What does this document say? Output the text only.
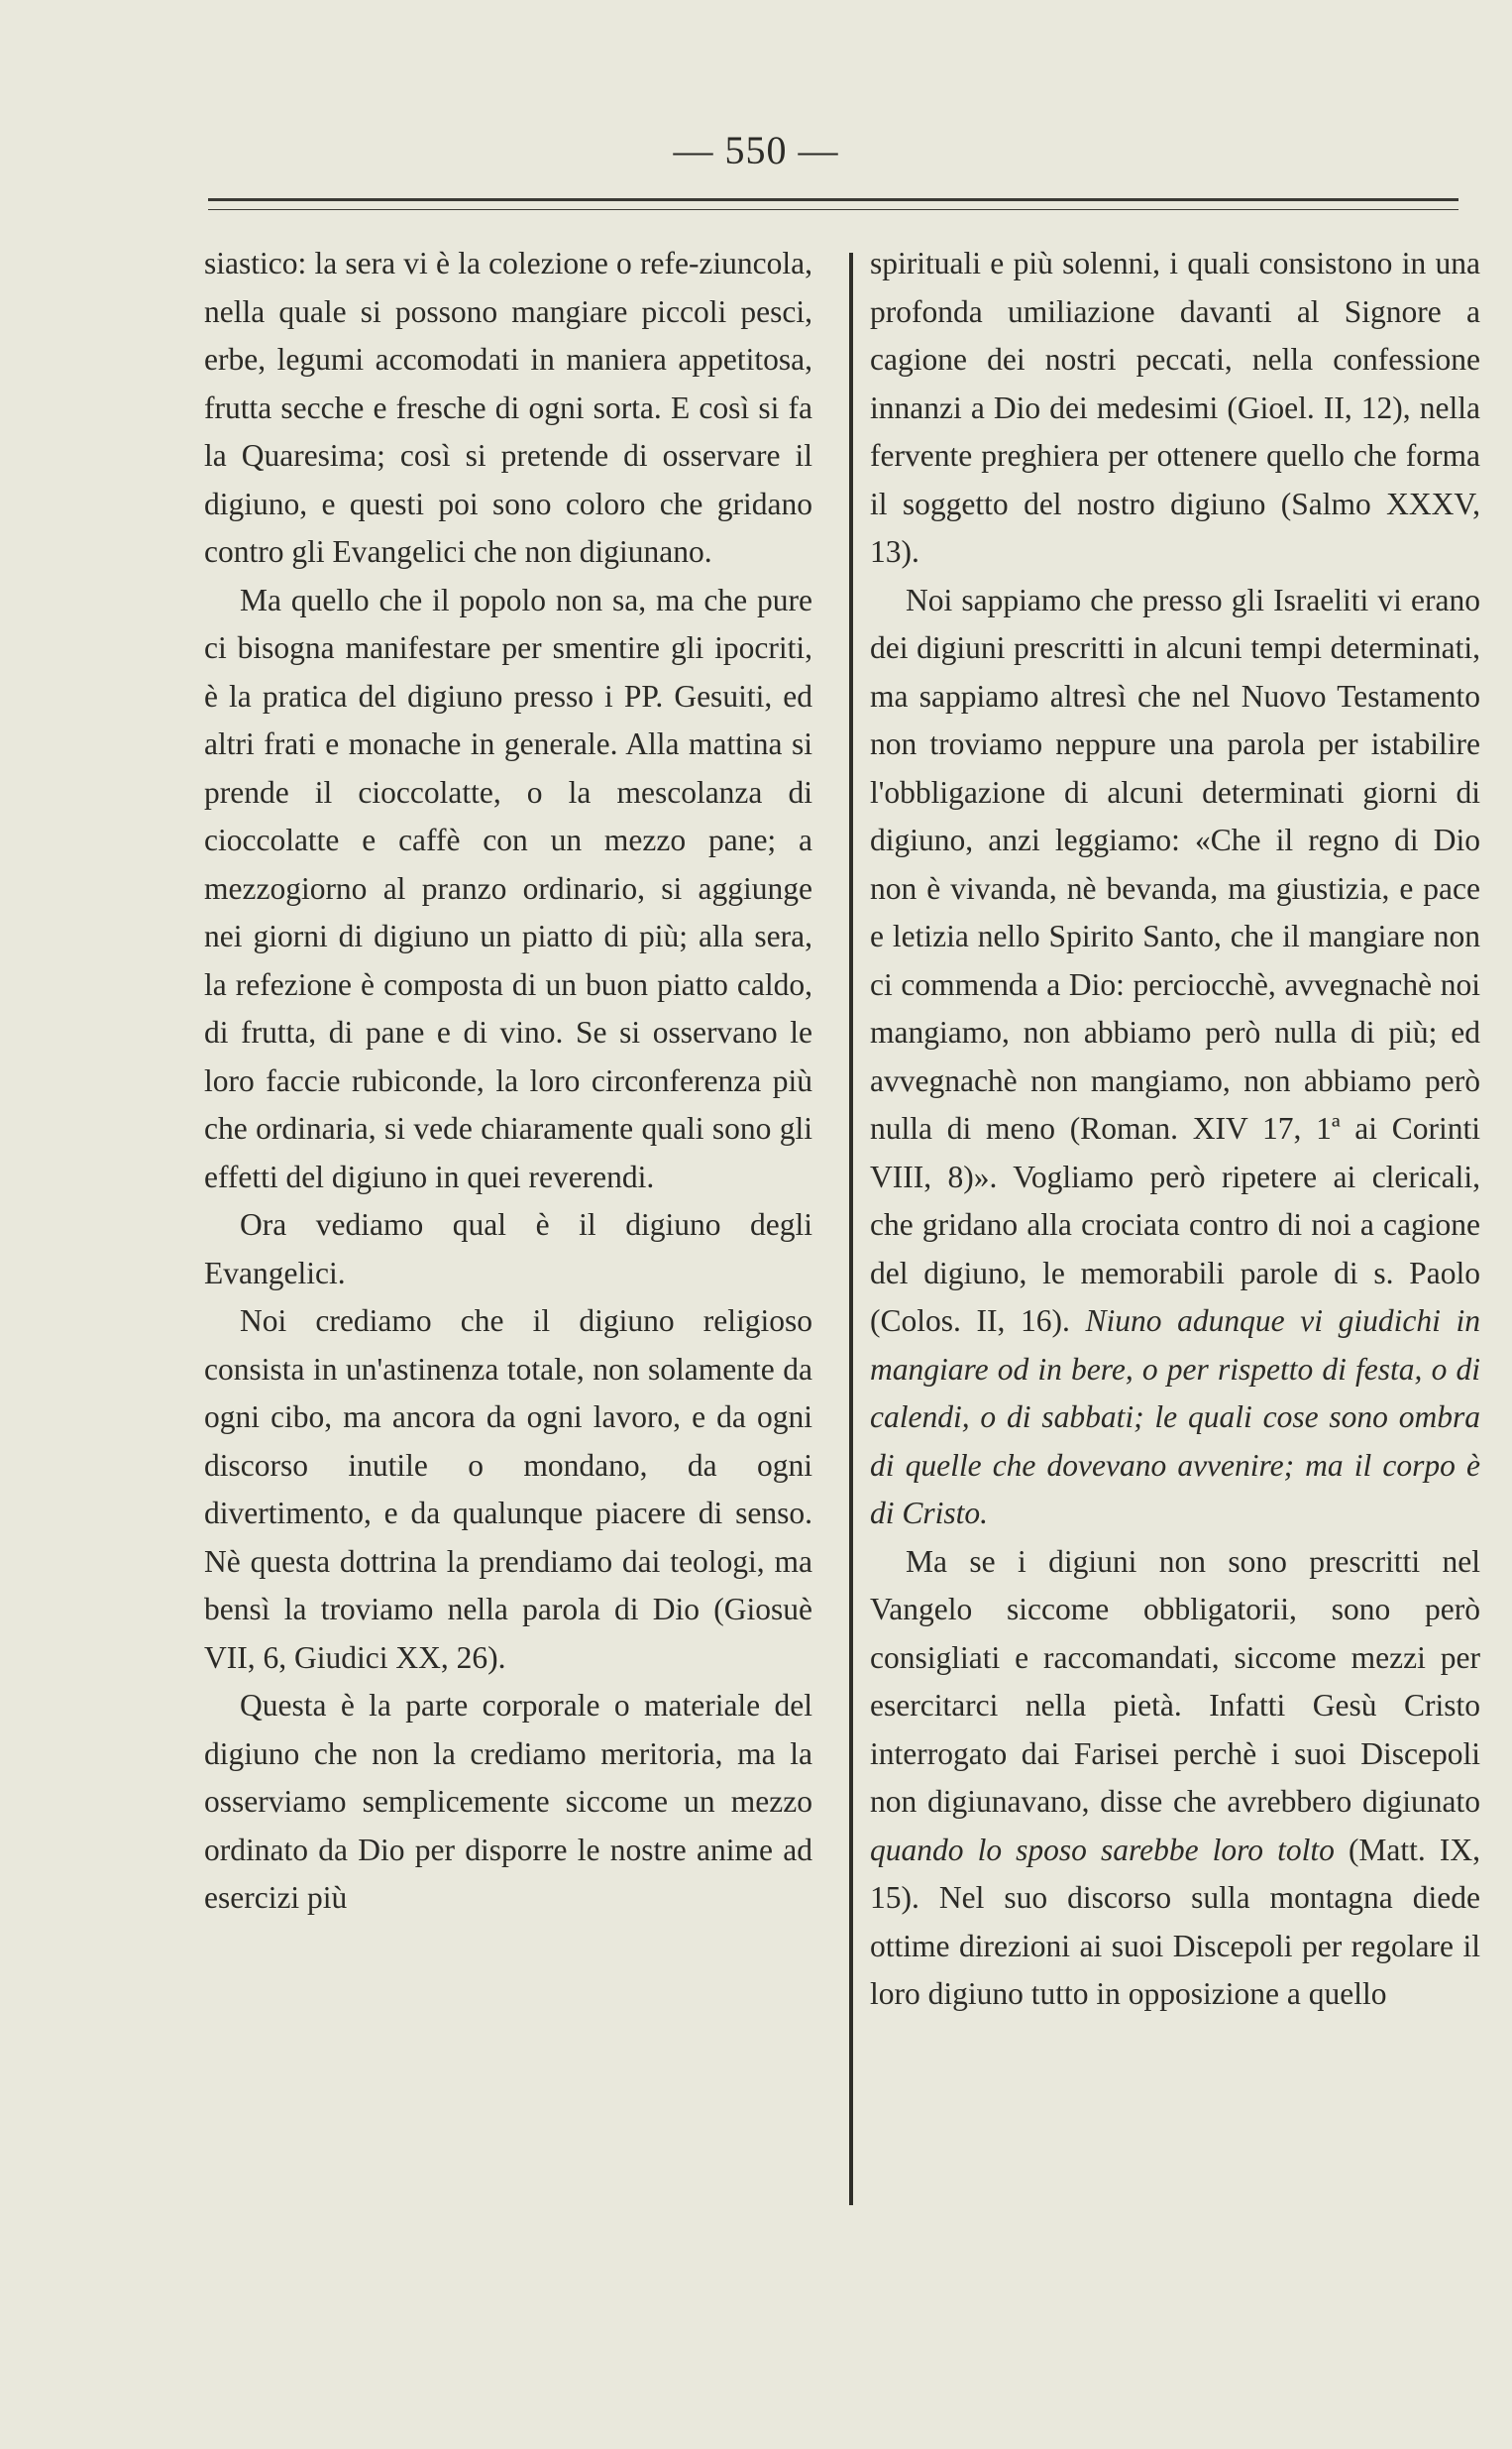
— 550 —

siastico: la sera vi è la colezione o refe-ziuncola, nella quale si possono mangiare piccoli pesci, erbe, legumi accomodati in maniera appetitosa, frutta secche e fresche di ogni sorta. E così si fa la Quaresima; così si pretende di osservare il digiuno, e questi poi sono coloro che gridano contro gli Evangelici che non digiunano.

Ma quello che il popolo non sa, ma che pure ci bisogna manifestare per smentire gli ipocriti, è la pratica del digiuno presso i PP. Gesuiti, ed altri frati e monache in generale. Alla mattina si prende il cioccolatte, o la mescolanza di cioccolatte e caffè con un mezzo pane; a mezzogiorno al pranzo ordinario, si aggiunge nei giorni di digiuno un piatto di più; alla sera, la refezione è composta di un buon piatto caldo, di frutta, di pane e di vino. Se si osservano le loro faccie rubiconde, la loro circonferenza più che ordinaria, si vede chiaramente quali sono gli effetti del digiuno in quei reverendi.

Ora vediamo qual è il digiuno degli Evangelici.

Noi crediamo che il digiuno religioso consista in un'astinenza totale, non solamente da ogni cibo, ma ancora da ogni lavoro, e da ogni discorso inutile o mondano, da ogni divertimento, e da qualunque piacere di senso. Nè questa dottrina la prendiamo dai teologi, ma bensì la troviamo nella parola di Dio (Giosuè VII, 6, Giudici XX, 26).

Questa è la parte corporale o materiale del digiuno che non la crediamo meritoria, ma la osserviamo semplicemente siccome un mezzo ordinato da Dio per disporre le nostre anime ad esercizi più

spirituali e più solenni, i quali consistono in una profonda umiliazione davanti al Signore a cagione dei nostri peccati, nella confessione innanzi a Dio dei medesimi (Gioel. II, 12), nella fervente preghiera per ottenere quello che forma il soggetto del nostro digiuno (Salmo XXXV, 13).

Noi sappiamo che presso gli Israeliti vi erano dei digiuni prescritti in alcuni tempi determinati, ma sappiamo altresì che nel Nuovo Testamento non troviamo neppure una parola per istabilire l'obbligazione di alcuni determinati giorni di digiuno, anzi leggiamo: «Che il regno di Dio non è vivanda, nè bevanda, ma giustizia, e pace e letizia nello Spirito Santo, che il mangiare non ci commenda a Dio: perciocchè, avvegnachè noi mangiamo, non abbiamo però nulla di più; ed avvegnachè non mangiamo, non abbiamo però nulla di meno (Roman. XIV 17, 1ª ai Corinti VIII, 8)». Vogliamo però ripetere ai clericali, che gridano alla crociata contro di noi a cagione del digiuno, le memorabili parole di s. Paolo (Colos. II, 16). Niuno adunque vi giudichi in mangiare od in bere, o per rispetto di festa, o di calendi, o di sabbati; le quali cose sono ombra di quelle che dovevano avvenire; ma il corpo è di Cristo.

Ma se i digiuni non sono prescritti nel Vangelo siccome obbligatorii, sono però consigliati e raccomandati, siccome mezzi per esercitarci nella pietà. Infatti Gesù Cristo interrogato dai Farisei perchè i suoi Discepoli non digiunavano, disse che avrebbero digiunato quando lo sposo sarebbe loro tolto (Matt. IX, 15). Nel suo discorso sulla montagna diede ottime direzioni ai suoi Discepoli per regolare il loro digiuno tutto in opposizione a quello
